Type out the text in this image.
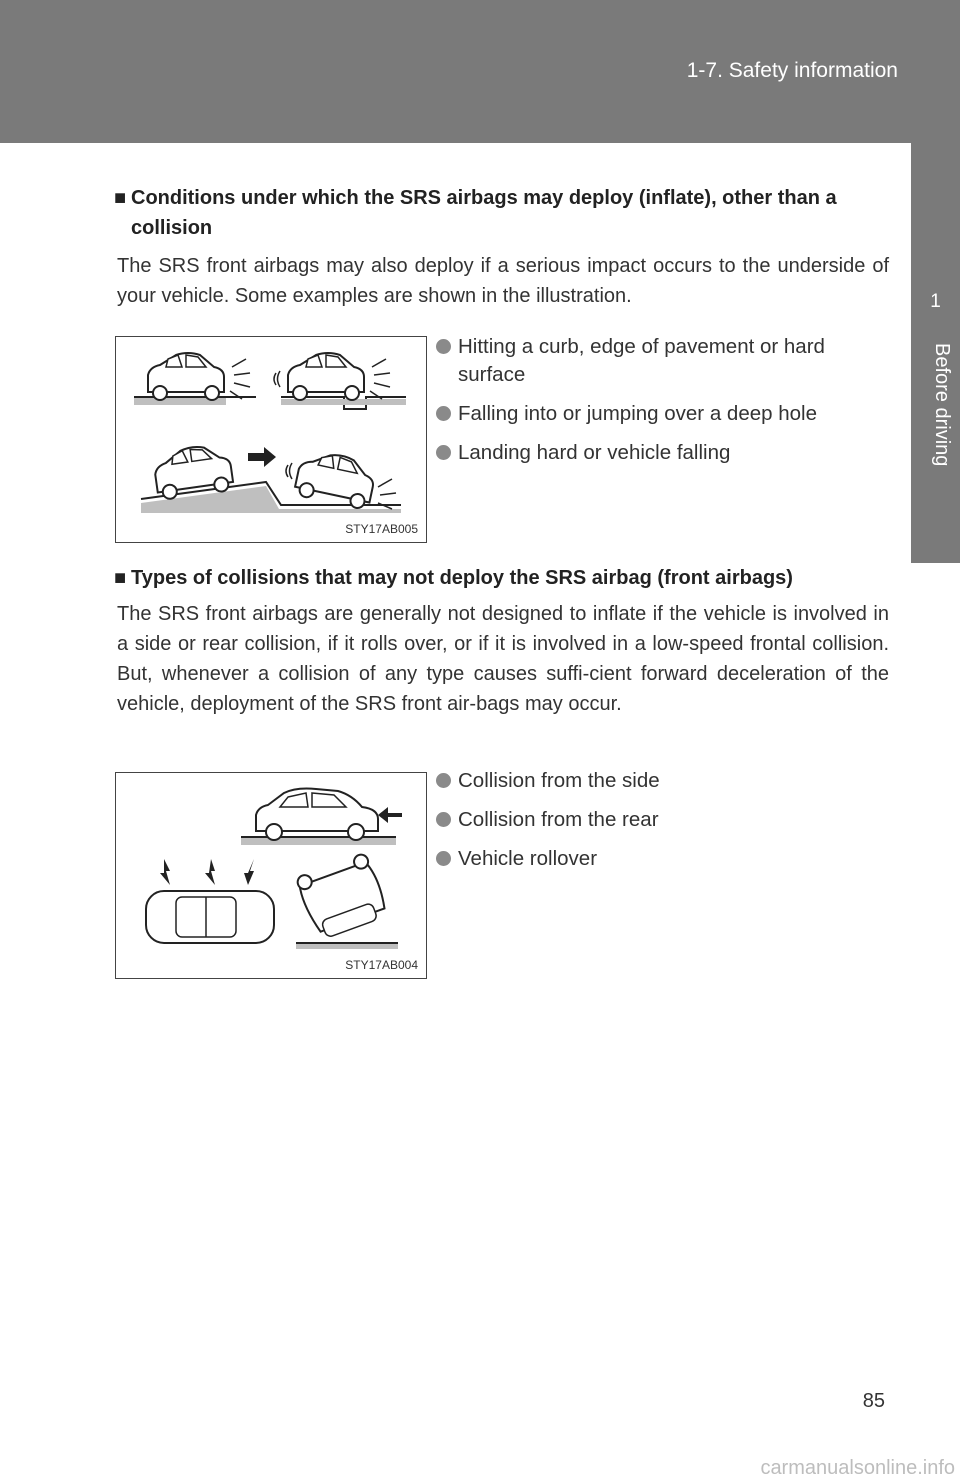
1-7. Safety information
1
Before driving
■ Conditions under which the SRS airbags may deploy (inflate), other than a collision
The SRS front airbags may also deploy if a serious impact occurs to the underside of your vehicle. Some examples are shown in the illustration.
STY17AB005
Hitting a curb, edge of pavement or hard surface
Falling into or jumping over a deep hole
Landing hard or vehicle falling
■ Types of collisions that may not deploy the SRS airbag (front airbags)
The SRS front airbags are generally not designed to inflate if the vehicle is involved in a side or rear collision, if it rolls over, or if it is involved in a low-speed frontal collision. But, whenever a collision of any type causes suffi-cient forward deceleration of the vehicle, deployment of the SRS front air-bags may occur.
STY17AB004
Collision from the side
Collision from the rear
Vehicle rollover
85
carmanualsonline.info
